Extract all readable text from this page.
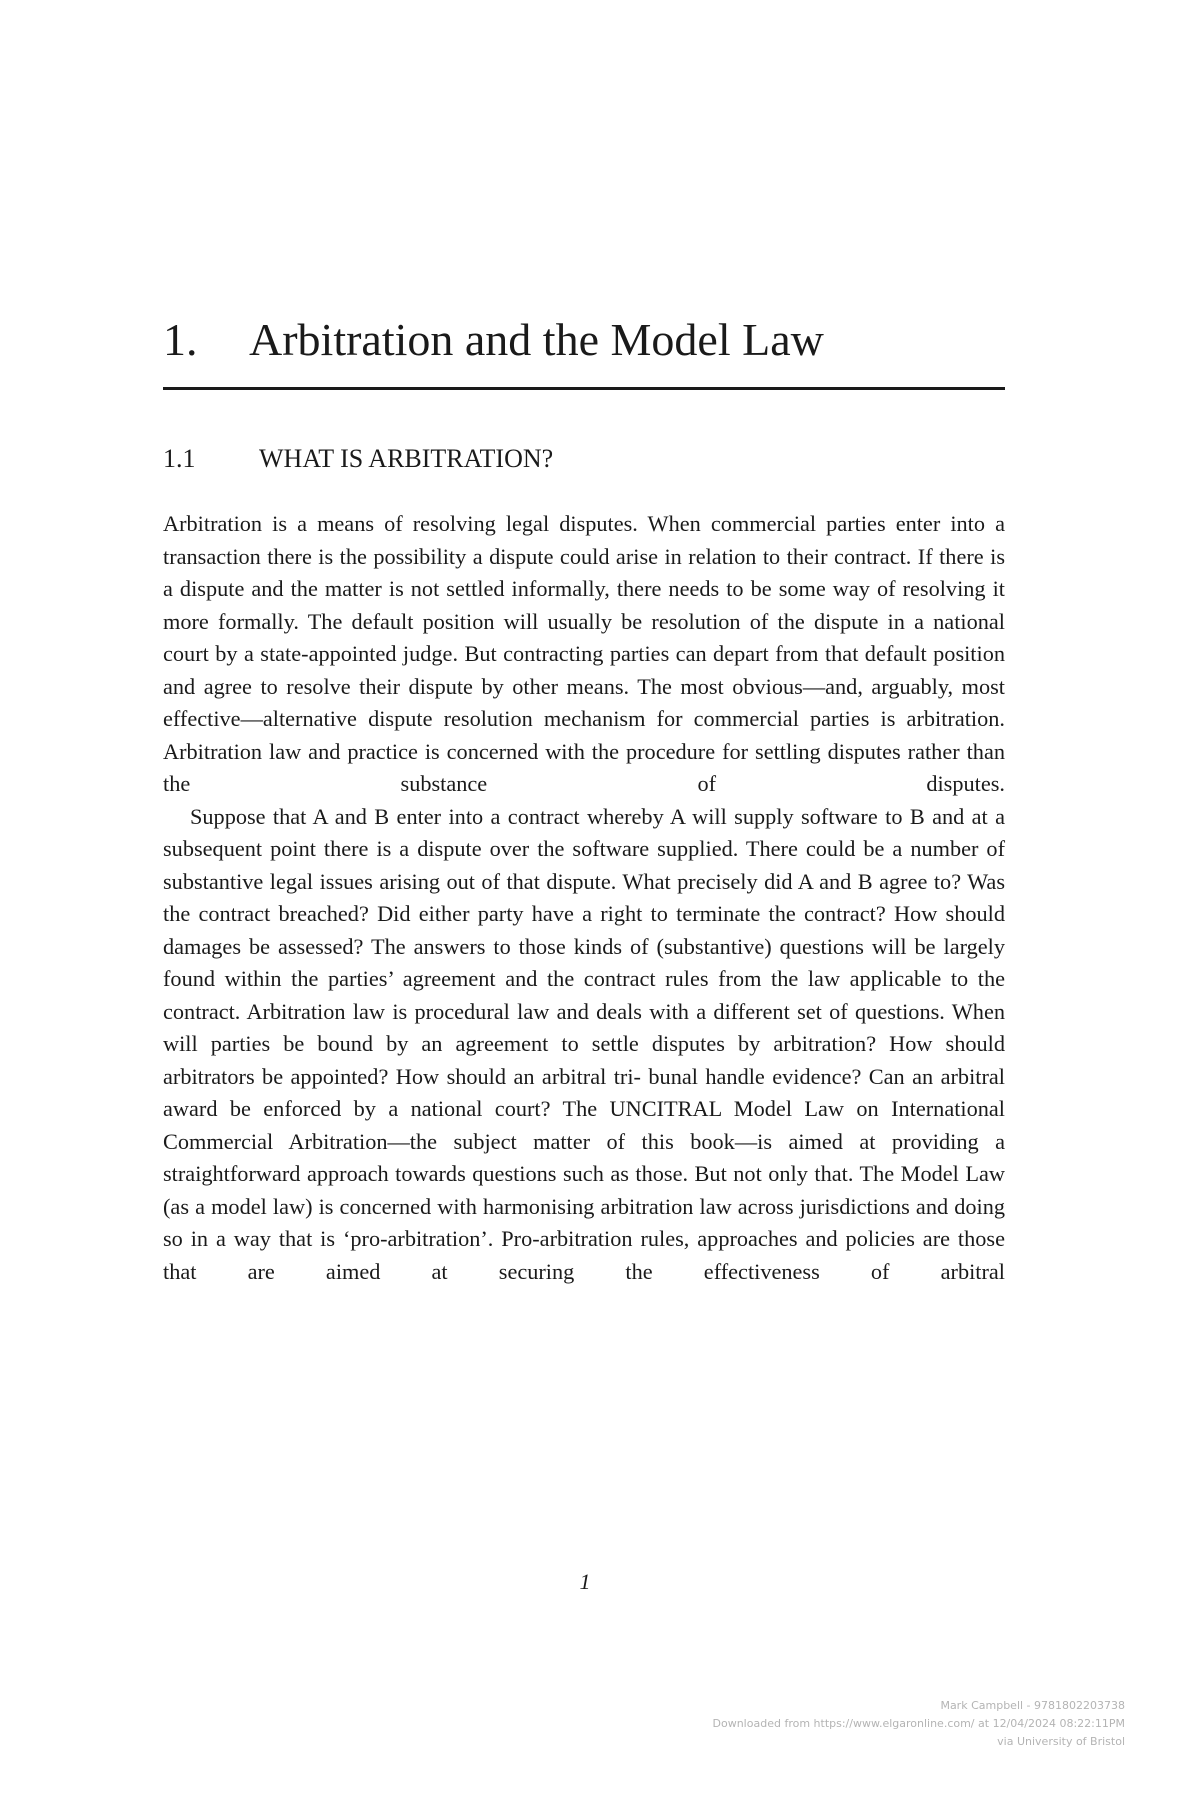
1. Arbitration and the Model Law
1.1 WHAT IS ARBITRATION?

Arbitration is a means of resolving legal disputes. When commercial parties enter into a transaction there is the possibility a dispute could arise in relation to their contract. If there is a dispute and the matter is not settled informally, there needs to be some way of resolving it more formally. The default position will usually be resolution of the dispute in a national court by a state-appointed judge. But contracting parties can depart from that default position and agree to resolve their dispute by other means. The most obvious—and, arguably, most effective—alternative dispute resolution mechanism for commercial parties is arbitration. Arbitration law and practice is concerned with the procedure for settling disputes rather than the substance of disputes.

Suppose that A and B enter into a contract whereby A will supply software to B and at a subsequent point there is a dispute over the software supplied. There could be a number of substantive legal issues arising out of that dispute. What precisely did A and B agree to? Was the contract breached? Did either party have a right to terminate the contract? How should damages be assessed? The answers to those kinds of (substantive) questions will be largely found within the parties’ agreement and the contract rules from the law applicable to the contract. Arbitration law is procedural law and deals with a different set of questions. When will parties be bound by an agreement to settle disputes by arbitration? How should arbitrators be appointed? How should an arbitral tri- bunal handle evidence? Can an arbitral award be enforced by a national court? The UNCITRAL Model Law on International Commercial Arbitration—the subject matter of this book—is aimed at providing a straightforward approach towards questions such as those. But not only that. The Model Law (as a model law) is concerned with harmonising arbitration law across jurisdictions and doing so in a way that is ‘pro-arbitration’. Pro-arbitration rules, approaches and policies are those that are aimed at securing the effectiveness of arbitral

1
Mark Campbell - 9781802203738
Downloaded from https://www.elgaronline.com/ at 12/04/2024 08:22:11PM
via University of Bristol
